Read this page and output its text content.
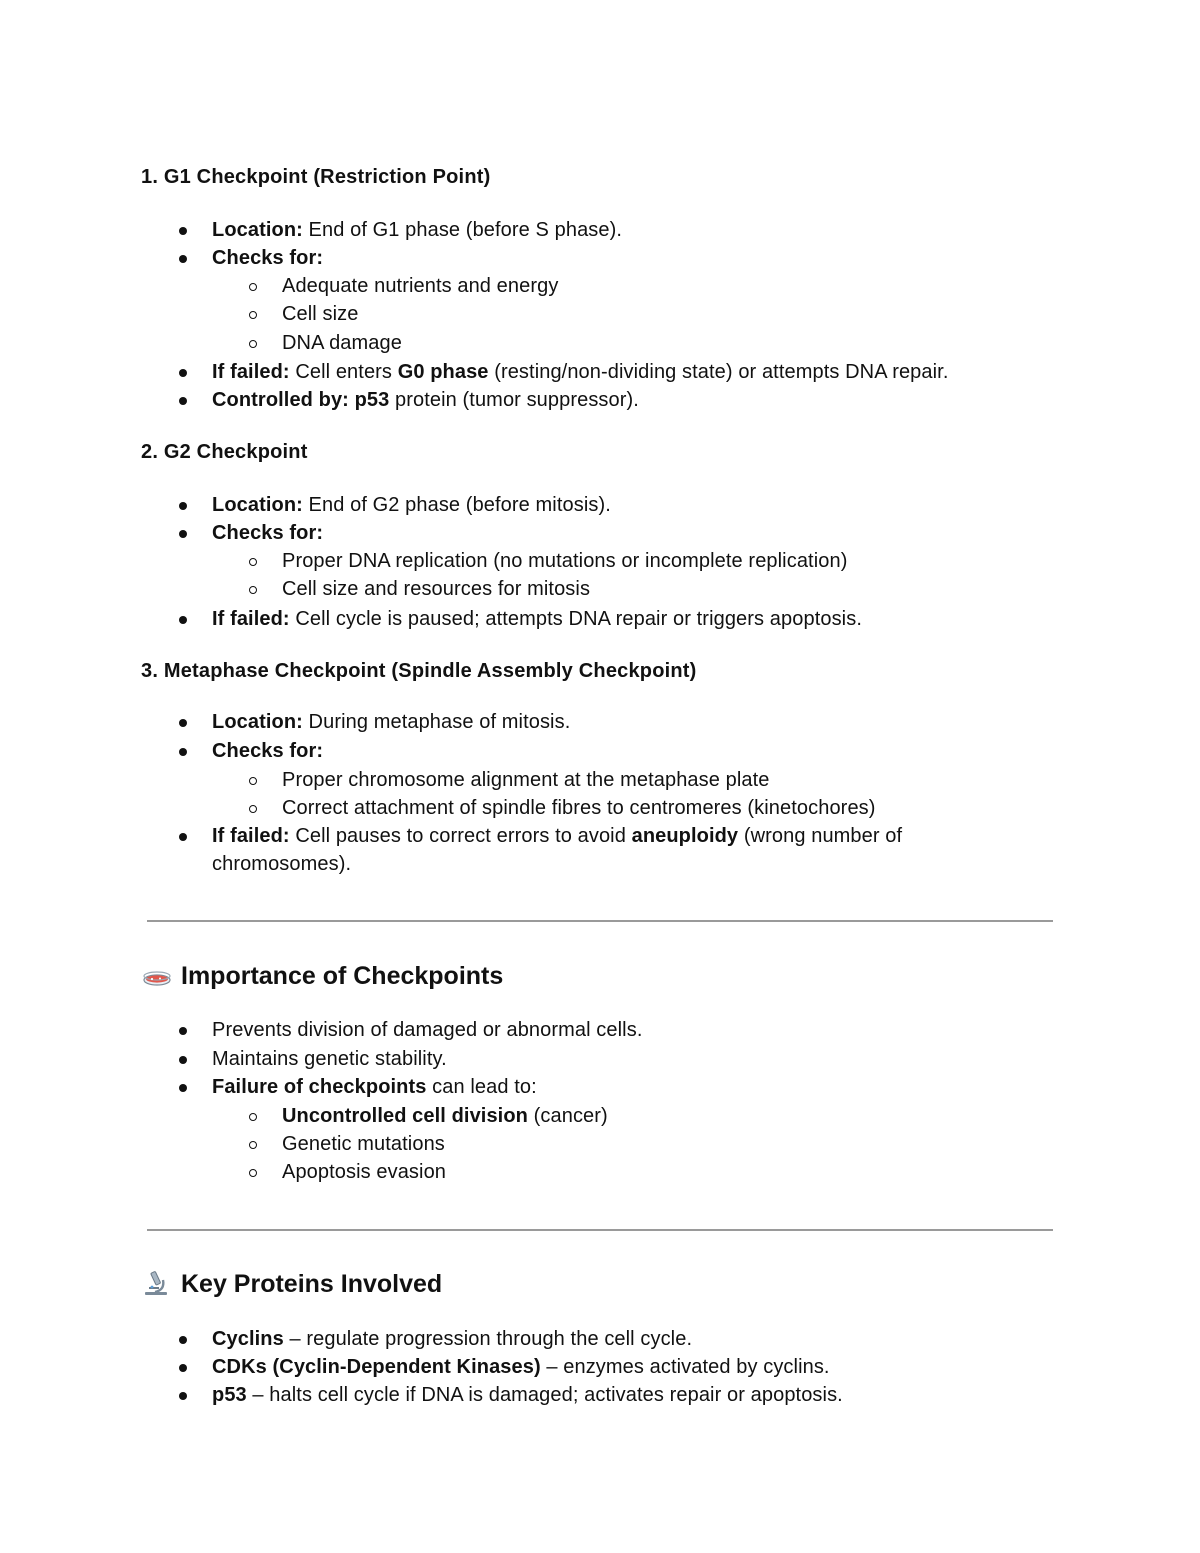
1. G1 Checkpoint (Restriction Point)
Location: End of G1 phase (before S phase).
Checks for:
Adequate nutrients and energy
Cell size
DNA damage
If failed: Cell enters G0 phase (resting/non-dividing state) or attempts DNA repair.
Controlled by: p53 protein (tumor suppressor).
2. G2 Checkpoint
Location: End of G2 phase (before mitosis).
Checks for:
Proper DNA replication (no mutations or incomplete replication)
Cell size and resources for mitosis
If failed: Cell cycle is paused; attempts DNA repair or triggers apoptosis.
3. Metaphase Checkpoint (Spindle Assembly Checkpoint)
Location: During metaphase of mitosis.
Checks for:
Proper chromosome alignment at the metaphase plate
Correct attachment of spindle fibres to centromeres (kinetochores)
If failed: Cell pauses to correct errors to avoid aneuploidy (wrong number of
chromosomes).
Importance of Checkpoints
Prevents division of damaged or abnormal cells.
Maintains genetic stability.
Failure of checkpoints can lead to:
Uncontrolled cell division (cancer)
Genetic mutations
Apoptosis evasion
Key Proteins Involved
Cyclins – regulate progression through the cell cycle.
CDKs (Cyclin-Dependent Kinases) – enzymes activated by cyclins.
p53 – halts cell cycle if DNA is damaged; activates repair or apoptosis.
